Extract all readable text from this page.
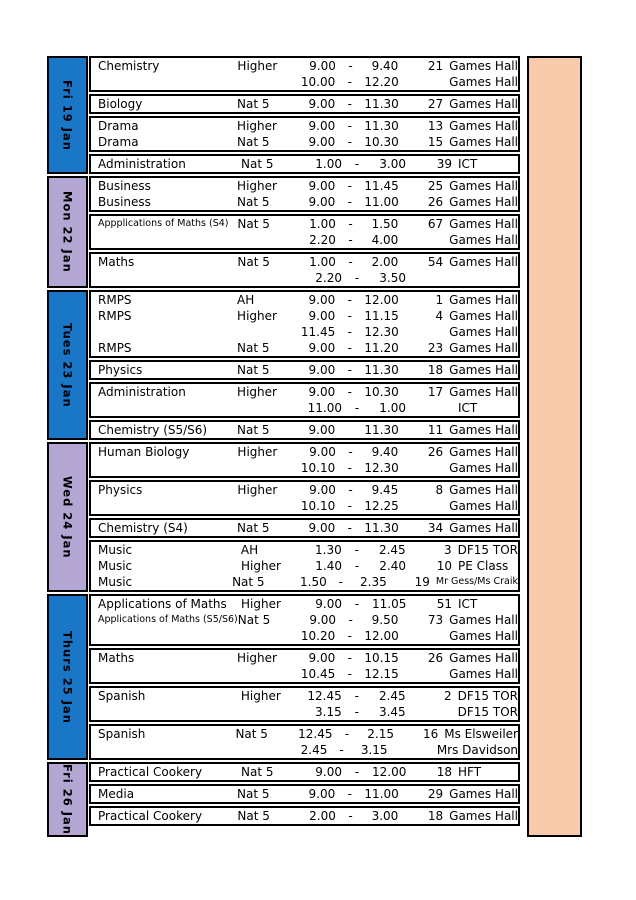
Fri 19 Jan
Chemistry	Higher	9.00	-	9.40	21 Games Hall
10.00	-	12.20	Games Hall
Biology	Nat 5	9.00	-	11.30	27 Games Hall
Drama	Higher	9.00	-	11.30	13 Games Hall
Drama	Nat 5	9.00	-	10.30	15 Games Hall
Administration	Nat 5	1.00	-	3.00	39 ICT
Mon 22 Jan
Business	Higher	9.00	-	11.45	25 Games Hall
Business	Nat 5	9.00	-	11.00	26 Games Hall
Appplications of Maths (S4) Nat 5	1.00	-	1.50	67 Games Hall
2.20	-	4.00	Games Hall
Maths	Nat 5	1.00	-	2.00	54 Games Hall
2.20	-	3.50
Tues 23 Jan
RMPS	AH	9.00	-	12.00	1 Games Hall
RMPS	Higher	9.00	-	11.15	4 Games Hall
11.45	-	12.30	Games Hall
RMPS	Nat 5	9.00	-	11.20	23 Games Hall
Physics	Nat 5	9.00	-	11.30	18 Games Hall
Administration	Higher	9.00	-	10.30	17 Games Hall
11.00	-	1.00	ICT
Chemistry (S5/S6)	Nat 5	9.00 11.30	11 Games Hall
Wed 24 Jan
Human Biology	Higher	9.00	-	9.40	26 Games Hall
10.10	-	12.30	Games Hall
Physics	Higher	9.00	-	9.45	8 Games Hall
10.10	-	12.25	Games Hall
Chemistry (S4)	Nat 5	9.00	-	11.30	34 Games Hall
Music	AH	1.30	-	2.45	3 DF15 TOR
Music	Higher	1.40	-	2.40	10 PE Class
Music	Nat 5	1.50 -	2.35	19 Mr Gess/Ms Craik
Thurs 25 Jan
Applications of Maths	Higher	9.00	-	11.05	51 ICT
Applications of Maths (S5/S6) Nat 5	9.00	-	9.50	73 Games Hall
10.20	-	12.00	Games Hall
Maths	Higher	9.00	-	10.15	26 Games Hall
10.45	-	12.15	Games Hall
Spanish	Higher	12.45	-	2.45	2 DF15 TOR
3.15	-	3.45	DF15 TOR
Spanish	Nat 5	12.45	-	2.15	16 Ms Elsweiler
2.45 -	3.15	Mrs Davidson
Fri 26 Jan	Practical Cookery	Nat 5	9.00	-	12.00	18 HFT
Media	Nat 5	9.00	-	11.00	29 Games Hall
Practical Cookery	Nat 5	2.00	-	3.00	18 Games Hall
